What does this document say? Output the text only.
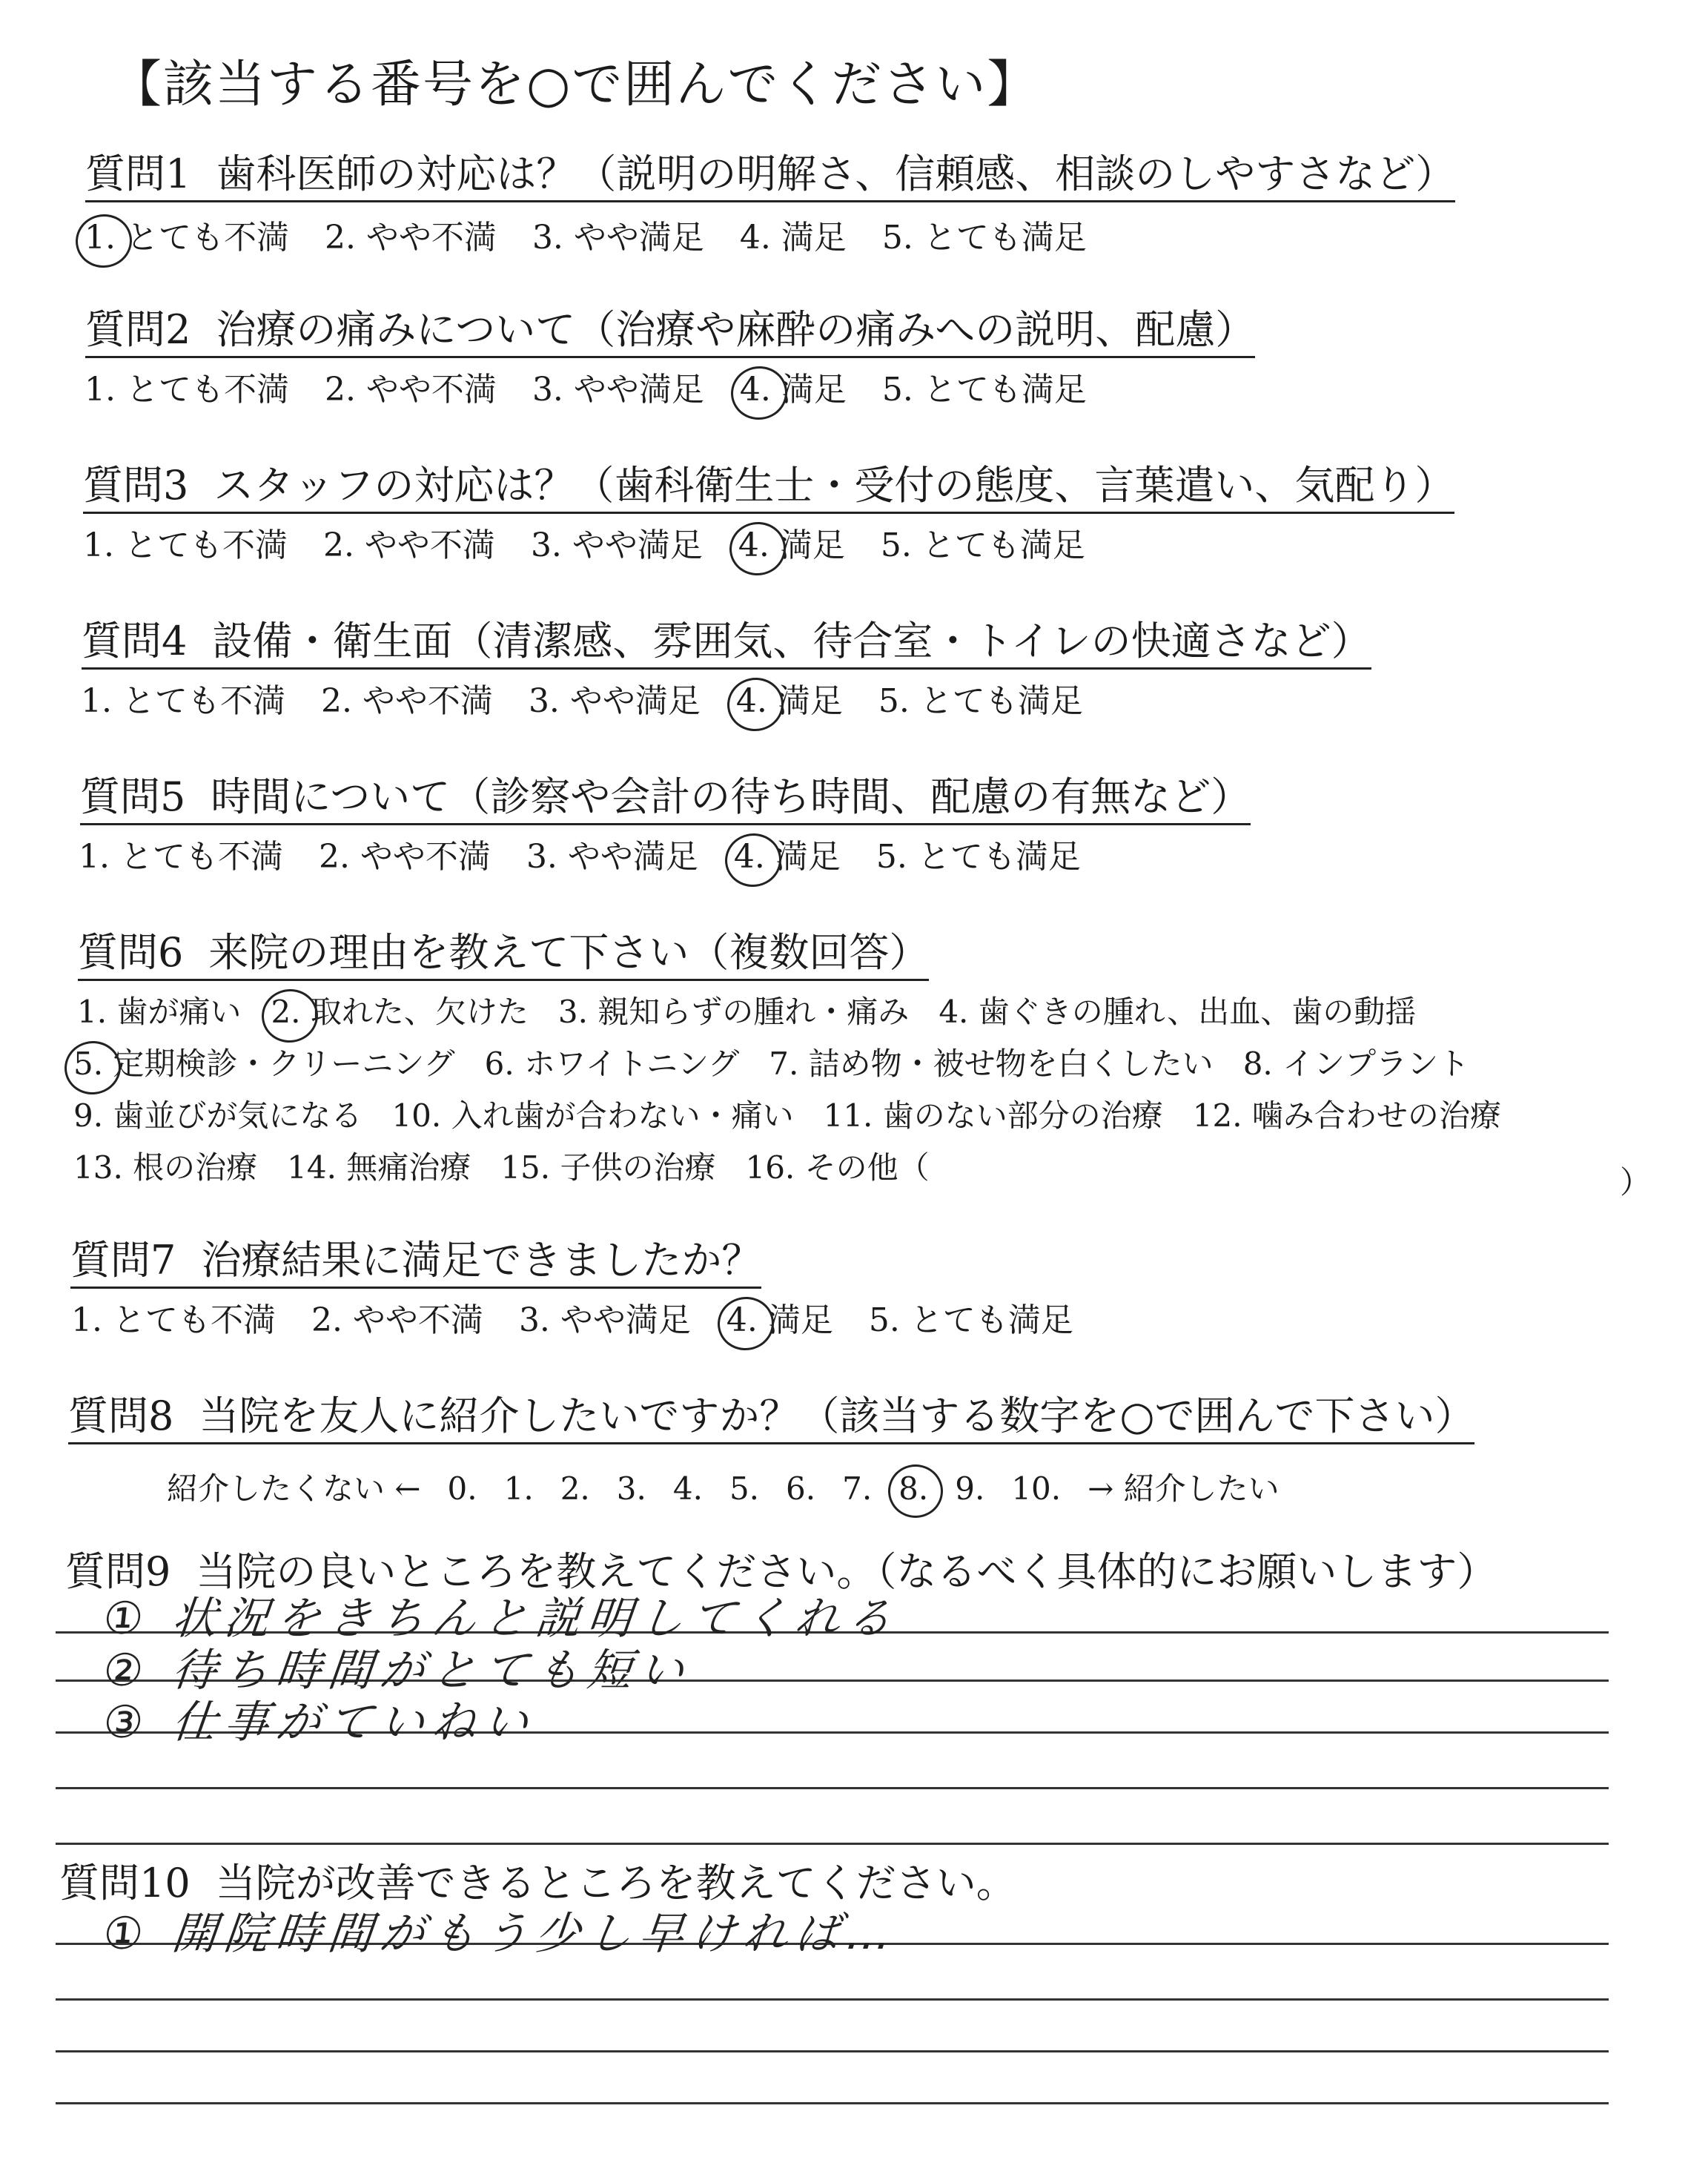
【該当する番号を○で囲んでください】
質問1 歯科医師の対応は？（説明の明解さ、信頼感、相談のしやすさなど）
1. とても不満 2. やや不満 3. やや満足 4. 満足 5. とても満足
質問2 治療の痛みについて（治療や麻酔の痛みへの説明、配慮）
1. とても不満 2. やや不満 3. やや満足 4. 満足 5. とても満足
質問3 スタッフの対応は？（歯科衛生士・受付の態度、言葉遣い、気配り）
1. とても不満 2. やや不満 3. やや満足 4. 満足 5. とても満足
質問4 設備・衛生面（清潔感、雰囲気、待合室・トイレの快適さなど）
1. とても不満 2. やや不満 3. やや満足 4. 満足 5. とても満足
質問5 時間について（診察や会計の待ち時間、配慮の有無など）
1. とても不満 2. やや不満 3. やや満足 4. 満足 5. とても満足
質問6 来院の理由を教えて下さい（複数回答）
1. 歯が痛い 2. 取れた、欠けた 3. 親知らずの腫れ・痛み 4. 歯ぐきの腫れ、出血、歯の動揺
5. 定期検診・クリーニング 6. ホワイトニング 7. 詰め物・被せ物を白くしたい 8. インプラント
9. 歯並びが気になる 10. 入れ歯が合わない・痛い 11. 歯のない部分の治療 12. 噛み合わせの治療
13. 根の治療 14. 無痛治療 15. 子供の治療 16. その他（	）
質問7 治療結果に満足できましたか？
1. とても不満 2. やや不満 3. やや満足 4. 満足 5. とても満足
質問8 当院を友人に紹介したいですか？（該当する数字を○で囲んで下さい）
紹介したくない ← 0. 1. 2. 3. 4. 5. 6. 7. 8. 9. 10. → 紹介したい
質問9 当院の良いところを教えてください。（なるべく具体的にお願いします）
① 状況をきちんと説明してくれる
② 待ち時間がとても短い
③ 仕事がていねい
質問10 当院が改善できるところを教えてください。
① 開院時間がもう少し早ければ…
